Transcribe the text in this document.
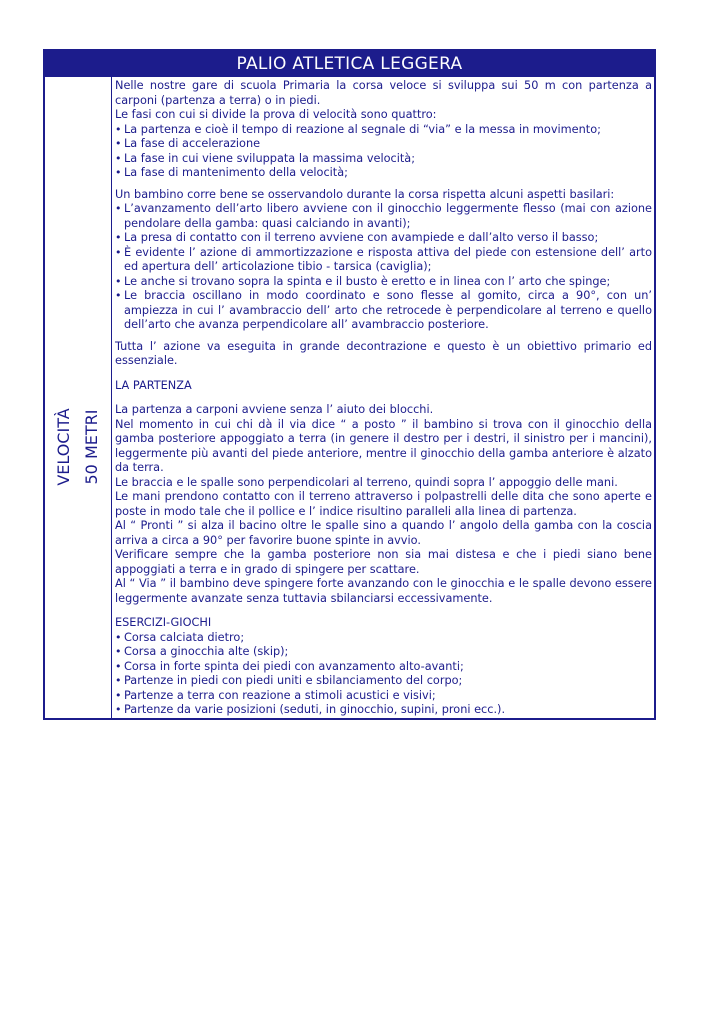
PALIO ATLETICA LEGGERA
VELOCITÀ 50 METRI

Nelle nostre gare di scuola Primaria la corsa veloce si sviluppa sui 50 m con partenza a carponi (partenza a terra) o in piedi.

Le fasi con cui si divide la prova di velocità sono quattro:

• La partenza e cioè il tempo di reazione al segnale di “via” e la messa in movimento;
• La fase di accelerazione
• La fase in cui viene sviluppata la massima velocità;
• La fase di mantenimento della velocità;

Un bambino corre bene se osservandolo durante la corsa rispetta alcuni aspetti basilari:

• L’avanzamento dell’arto libero avviene con il ginocchio leggermente flesso (mai con azione pendolare della gamba: quasi calciando in avanti);
• La presa di contatto con il terreno avviene con avampiede e dall’alto verso il basso;
• È evidente l’ azione di ammortizzazione e risposta attiva del piede con estensione dell’ arto ed apertura dell’ articolazione tibio - tarsica (caviglia);
• Le anche si trovano sopra la spinta e il busto è eretto e in linea con l’ arto che spinge;
• Le braccia oscillano in modo coordinato e sono flesse al gomito, circa a 90°, con un’ ampiezza in cui l’ avambraccio dell’ arto che retrocede è perpendicolare al terreno e quello dell’arto che avanza perpendicolare all’ avambraccio posteriore.

Tutta l’ azione va eseguita in grande decontrazione e questo è un obiettivo primario ed essenziale.

LA PARTENZA

La partenza a carponi avviene senza l’ aiuto dei blocchi.

Nel momento in cui chi dà il via dice “ a posto ” il bambino si trova con il ginocchio della gamba posteriore appoggiato a terra (in genere il destro per i destri, il sinistro per i mancini), leggermente più avanti del piede anteriore, mentre il ginocchio della gamba anteriore è alzato da terra.

Le braccia e le spalle sono perpendicolari al terreno, quindi sopra l’ appoggio delle mani.

Le mani prendono contatto con il terreno attraverso i polpastrelli delle dita che sono aperte e poste in modo tale che il pollice e l’ indice risultino paralleli alla linea di partenza.

Al “ Pronti ” si alza il bacino oltre le spalle sino a quando l’ angolo della gamba con la coscia arriva a circa a 90° per favorire buone spinte in avvio.

Verificare sempre che la gamba posteriore non sia mai distesa e che i piedi siano bene appoggiati a terra e in grado di spingere per scattare.

Al “ Via ” il bambino deve spingere forte avanzando con le ginocchia e le spalle devono essere leggermente avanzate senza tuttavia sbilanciarsi eccessivamente.

ESERCIZI-GIOCHI

• Corsa calciata dietro;
• Corsa a ginocchia alte (skip);
• Corsa in forte spinta dei piedi con avanzamento alto-avanti;
• Partenze in piedi con piedi uniti e sbilanciamento del corpo;
• Partenze a terra con reazione a stimoli acustici e visivi;
• Partenze da varie posizioni (seduti, in ginocchio, supini, proni ecc.).
